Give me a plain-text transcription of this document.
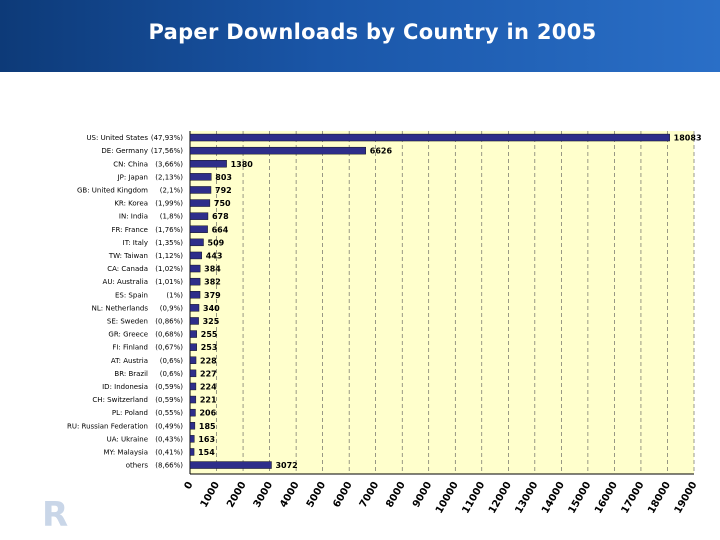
Paper Downloads by Country in 2005
18083
6626
1380
803
792
750
678
664
509
443
384
382
379
340
325
255
253
228
227
224
221
206
185
163
154
3072
US: United States (47,93%)
DE: Germany (17,56%)
CN: China (3,66%)
JP: Japan (2,13%)
GB: United Kingdom (2,1%)
KR: Korea (1,99%)
IN: India (1,8%)
FR: France (1,76%)
IT: Italy (1,35%)
TW: Taiwan (1,12%)
CA: Canada (1,02%)
AU: Australia (1,01%)
ES: Spain	(1%)
NL: Netherlands (0,9%)
SE: Sweden (0,86%)
GR: Greece (0,68%)
FI: Finland (0,67%)
AT: Austria (0,6%)
BR: Brazil (0,6%)
ID: Indonesia (0,59%)
CH: Switzerland (0,59%)
PL: Poland (0,55%)
RU: Russian Federation (0,49%)
UA: Ukraine (0,43%)
MY: Malaysia (0,41%)
others (8,66%)
0 1000 2000 3000 4000 5000 6000 7000 8000 9000 10000 11000 12000 13000 14000 15000 16000 17000 18000 19000
R
